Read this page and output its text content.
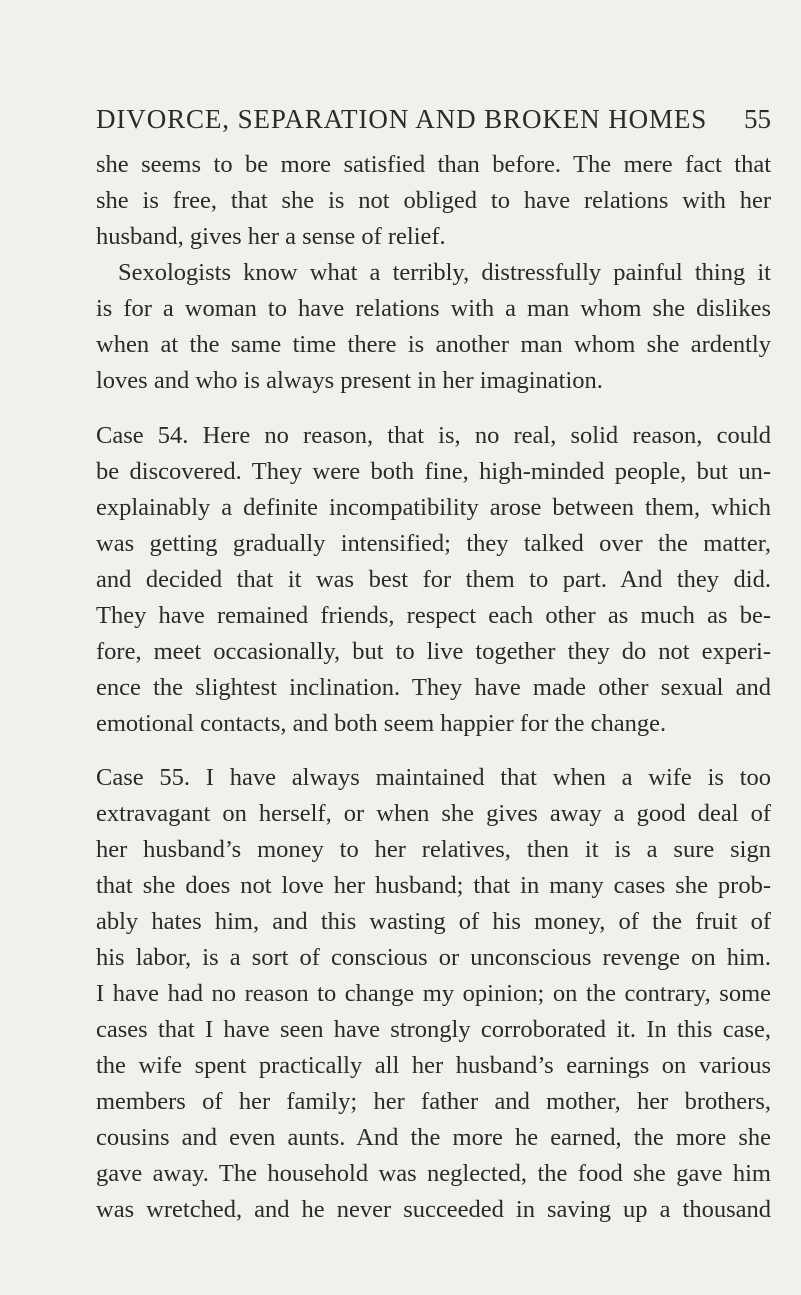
DIVORCE, SEPARATION AND BROKEN HOMES 55
she seems to be more satisfied than before. The mere fact that
she is free, that she is not obliged to have relations with her
husband, gives her a sense of relief.
Sexologists know what a terribly, distressfully painful thing it
is for a woman to have relations with a man whom she dislikes
when at the same time there is another man whom she ardently
loves and who is always present in her imagination.
Case 54. Here no reason, that is, no real, solid reason, could
be discovered. They were both fine, high-minded people, but un-
explainably a definite incompatibility arose between them, which
was getting gradually intensified; they talked over the matter,
and decided that it was best for them to part. And they did.
They have remained friends, respect each other as much as be-
fore, meet occasionally, but to live together they do not experi-
ence the slightest inclination. They have made other sexual and
emotional contacts, and both seem happier for the change.
Case 55. I have always maintained that when a wife is too
extravagant on herself, or when she gives away a good deal of
her husband’s money to her relatives, then it is a sure sign
that she does not love her husband; that in many cases she prob-
ably hates him, and this wasting of his money, of the fruit of
his labor, is a sort of conscious or unconscious revenge on him.
I have had no reason to change my opinion; on the contrary, some
cases that I have seen have strongly corroborated it. In this case,
the wife spent practically all her husband’s earnings on various
members of her family; her father and mother, her brothers,
cousins and even aunts. And the more he earned, the more she
gave away. The household was neglected, the food she gave him
was wretched, and he never succeeded in saving up a thousand
